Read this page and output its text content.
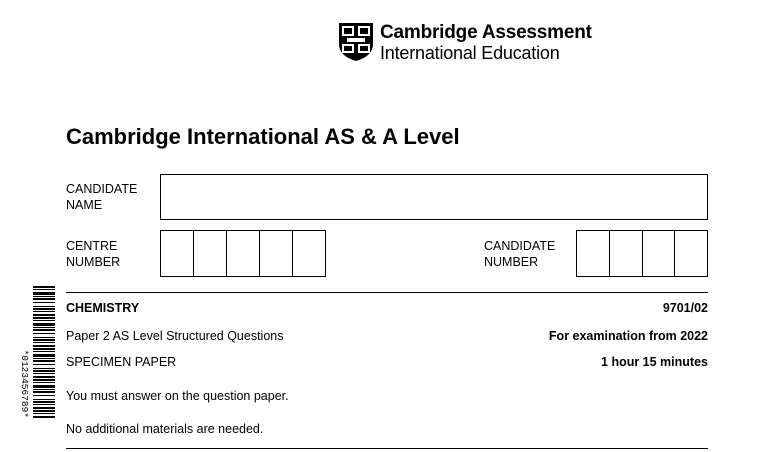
Cambridge Assessment
International Education
Cambridge International AS & A Level
CANDIDATE
NAME
CENTRE
NUMBER
CANDIDATE
NUMBER
CHEMISTRY	9701/02
Paper 2 AS Level Structured Questions	For examination from 2022
SPECIMEN PAPER	1 hour 15 minutes
You must answer on the question paper.
No additional materials are needed.
*0123456789*
